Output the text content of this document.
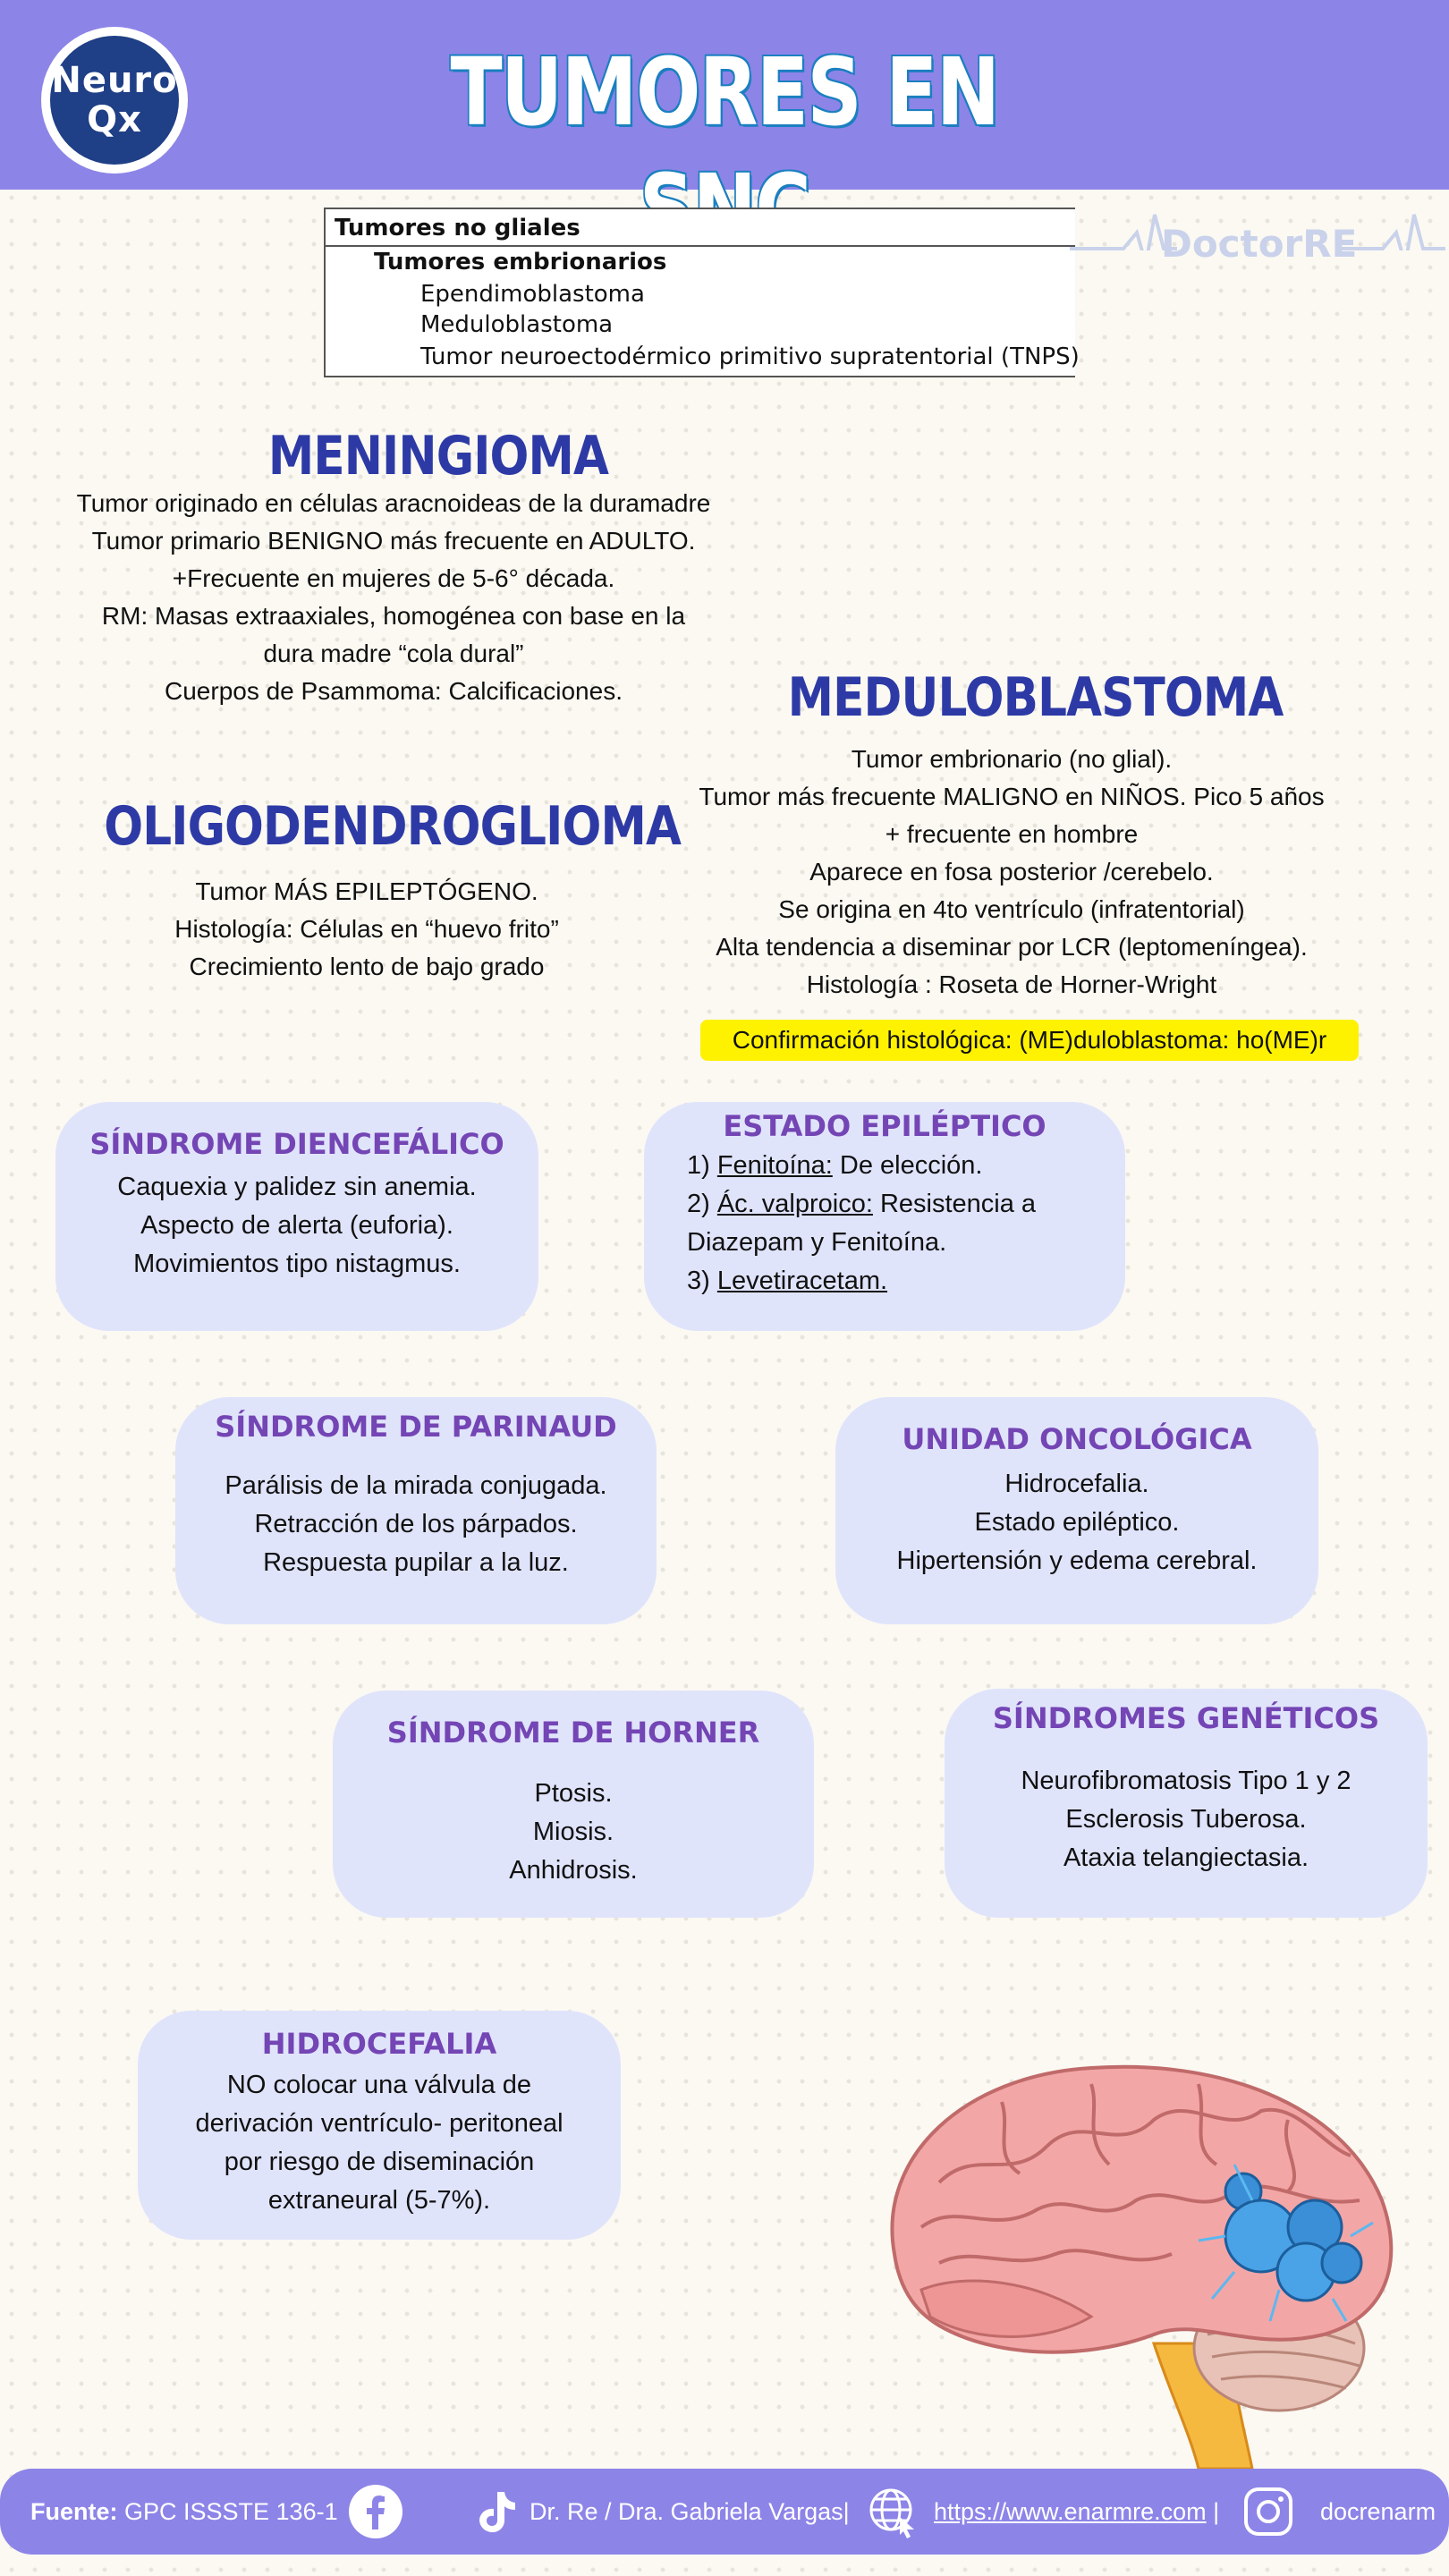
Neuro
Qx	TUMORES EN
Tumores no gliales
Tumores embrionarios
Ependimoblastoma
Meduloblastoma
Tumor neuroectodérmico primitivo supratentorial (TNPS)
DoctorRE
MENINGIOMA
Tumor originado en células aracnoideas de la duramadre
Tumor primario BENIGNO más frecuente en ADULTO.
+Frecuente en mujeres de 5-6° década.
RM: Masas extraaxiales, homogénea con base en la
dura madre “cola dural”
Cuerpos de Psammoma: Calcificaciones.
OLIGODENDROGLIOMA
Tumor MÁS EPILEPTÓGENO.
Histología: Células en “huevo frito”
Crecimiento lento de bajo grado
MEDULOBLASTOMA
Tumor embrionario (no glial).
Tumor más frecuente MALIGNO en NIÑOS. Pico 5 años
+ frecuente en hombre
Aparece en fosa posterior /cerebelo.
Se origina en 4to ventrículo (infratentorial)
Alta tendencia a diseminar por LCR (leptomeníngea).
Histología : Roseta de Horner-Wright
Confirmación histológica: (ME)duloblastoma: ho(ME)r
SÍNDROME DIENCEFÁLICO
Caquexia y palidez sin anemia.
Aspecto de alerta (euforia).
Movimientos tipo nistagmus.
ESTADO EPILÉPTICO
1) Fenitoína: De elección.
2) Ác. valproico: Resistencia a
Diazepam y Fenitoína.
3) Levetiracetam.
SÍNDROME DE PARINAUD
Parálisis de la mirada conjugada.
Retracción de los párpados.
Respuesta pupilar a la luz.
UNIDAD ONCOLÓGICA
Hidrocefalia.
Estado epiléptico.
Hipertensión y edema cerebral.
SÍNDROME DE HORNER
Ptosis.
Miosis.
Anhidrosis.
SÍNDROMES GENÉTICOS
Neurofibromatosis Tipo 1 y 2
Esclerosis Tuberosa.
Ataxia telangiectasia.
HIDROCEFALIA
NO colocar una válvula de
derivación ventrículo- peritoneal
por riesgo de diseminación
extraneural (5-7%).
Fuente: GPC ISSSTE 136-1	Dr. Re / Dra. Gabriela Vargas|	https://www.enarmre.com |	docrenarm
